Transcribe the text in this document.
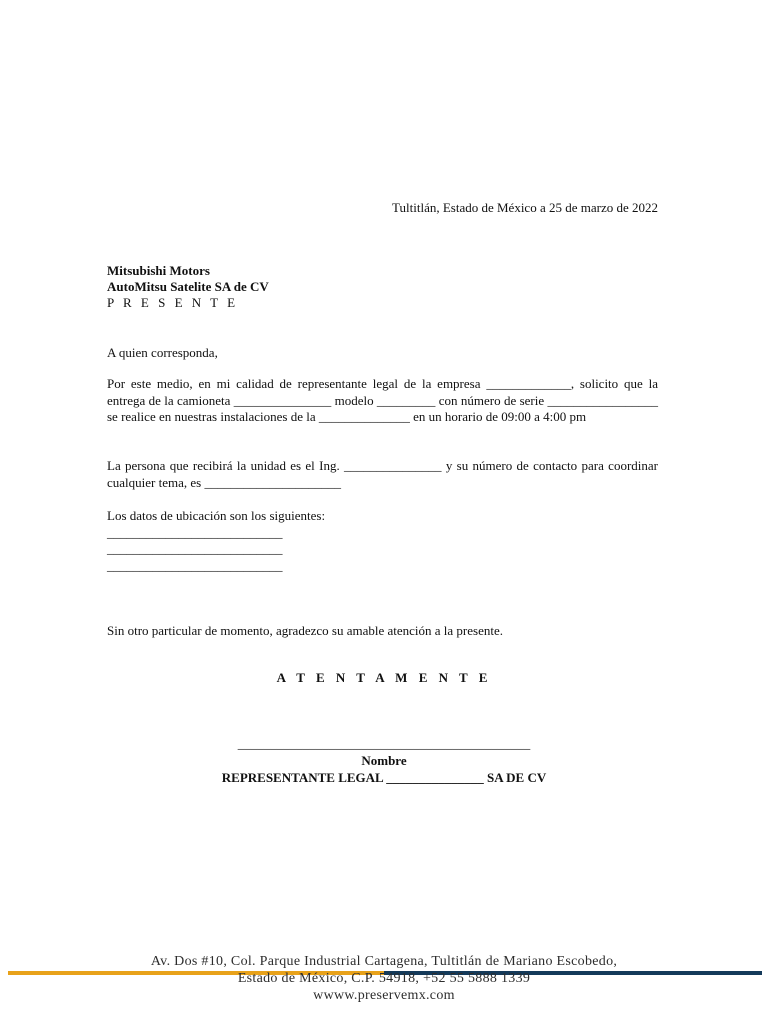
Tultitlán, Estado de México a 25 de marzo de 2022
Mitsubishi Motors
AutoMitsu Satelite SA de CV
P R E S E N T E
A quien corresponda,
Por este medio, en mi calidad de representante legal de la empresa _____________, solicito que la entrega de la camioneta _______________ modelo _________ con número de serie _________________ se realice en nuestras instalaciones de la ______________ en un horario de 09:00 a 4:00 pm
La persona que recibirá la unidad es el Ing. _______________ y su número de contacto para coordinar cualquier tema, es _____________________
Los datos de ubicación son los siguientes:
___________________________
___________________________
___________________________
Sin otro particular de momento, agradezco su amable atención a la presente.
A T E N T A M E N T E
_____________________________________________
Nombre
REPRESENTANTE LEGAL _______________ SA DE CV
Av. Dos #10, Col. Parque Industrial Cartagena, Tultitlán de Mariano Escobedo,
Estado de México, C.P. 54918, +52 55 5888 1339
wwww.preservemx.com
